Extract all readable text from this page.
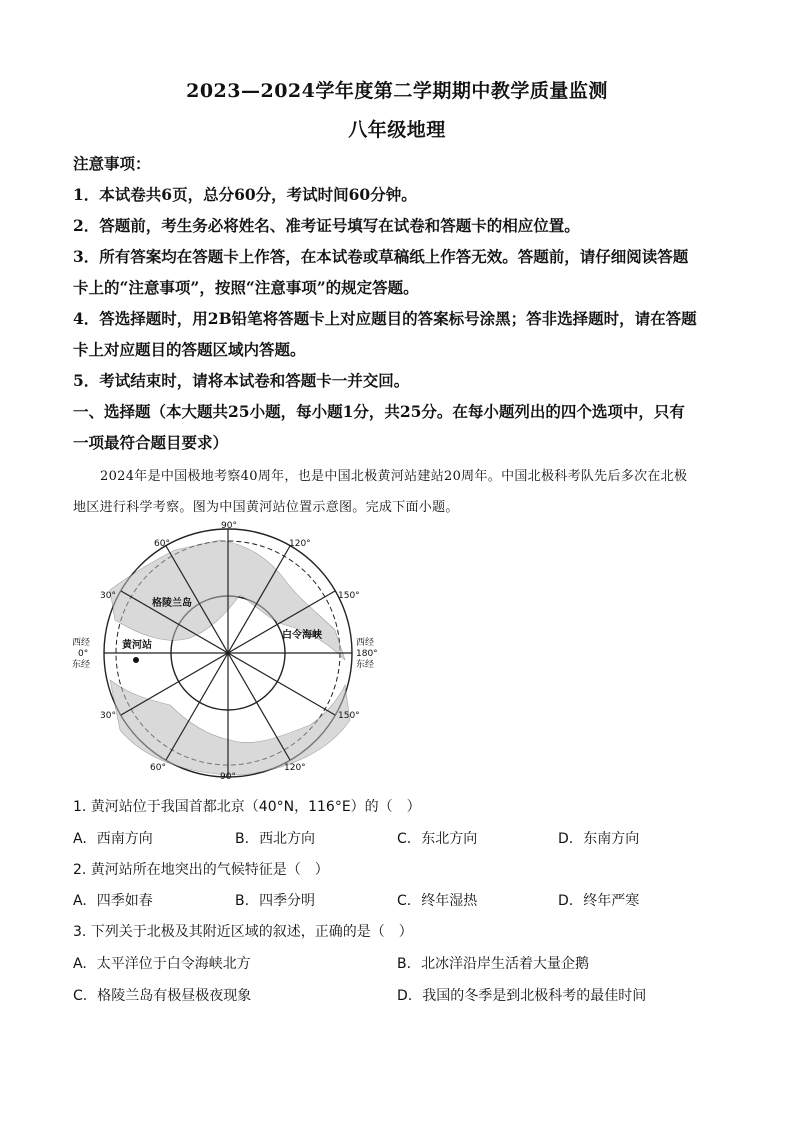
2023—2024学年度第二学期期中教学质量监测
八年级地理
注意事项：
1．本试卷共6页，总分60分，考试时间60分钟。
2．答题前，考生务必将姓名、准考证号填写在试卷和答题卡的相应位置。
3．所有答案均在答题卡上作答，在本试卷或草稿纸上作答无效。答题前，请仔细阅读答题
卡上的“注意事项”，按照“注意事项”的规定答题。
4．答选择题时，用2B铅笔将答题卡上对应题目的答案标号涂黑；答非选择题时，请在答题
卡上对应题目的答题区域内答题。
5．考试结束时，请将本试卷和答题卡一并交回。
一、选择题（本大题共25小题，每小题1分，共25分。在每小题列出的四个选项中，只有
一项最符合题目要求）
2024年是中国极地考察40周年，也是中国北极黄河站建站20周年。中国北极科考队先后多次在北极
地区进行科学考察。图为中国黄河站位置示意图。完成下面小题。
90°
90°
60°	120°
60°	120°
150°
150°
30°
30°
西经
0°
东经
西经
180°
东经
格陵兰岛
白令海峡
黄河站
1. 黄河站位于我国首都北京（40°N，116°E）的（　）
A. 西南方向	B. 西北方向	C. 东北方向	D. 东南方向
2. 黄河站所在地突出的气候特征是（　）
A. 四季如春	B. 四季分明	C. 终年湿热	D. 终年严寒
3. 下列关于北极及其附近区域的叙述，正确的是（　）
A. 太平洋位于白令海峡北方	B. 北冰洋沿岸生活着大量企鹅
C. 格陵兰岛有极昼极夜现象	D. 我国的冬季是到北极科考的最佳时间
